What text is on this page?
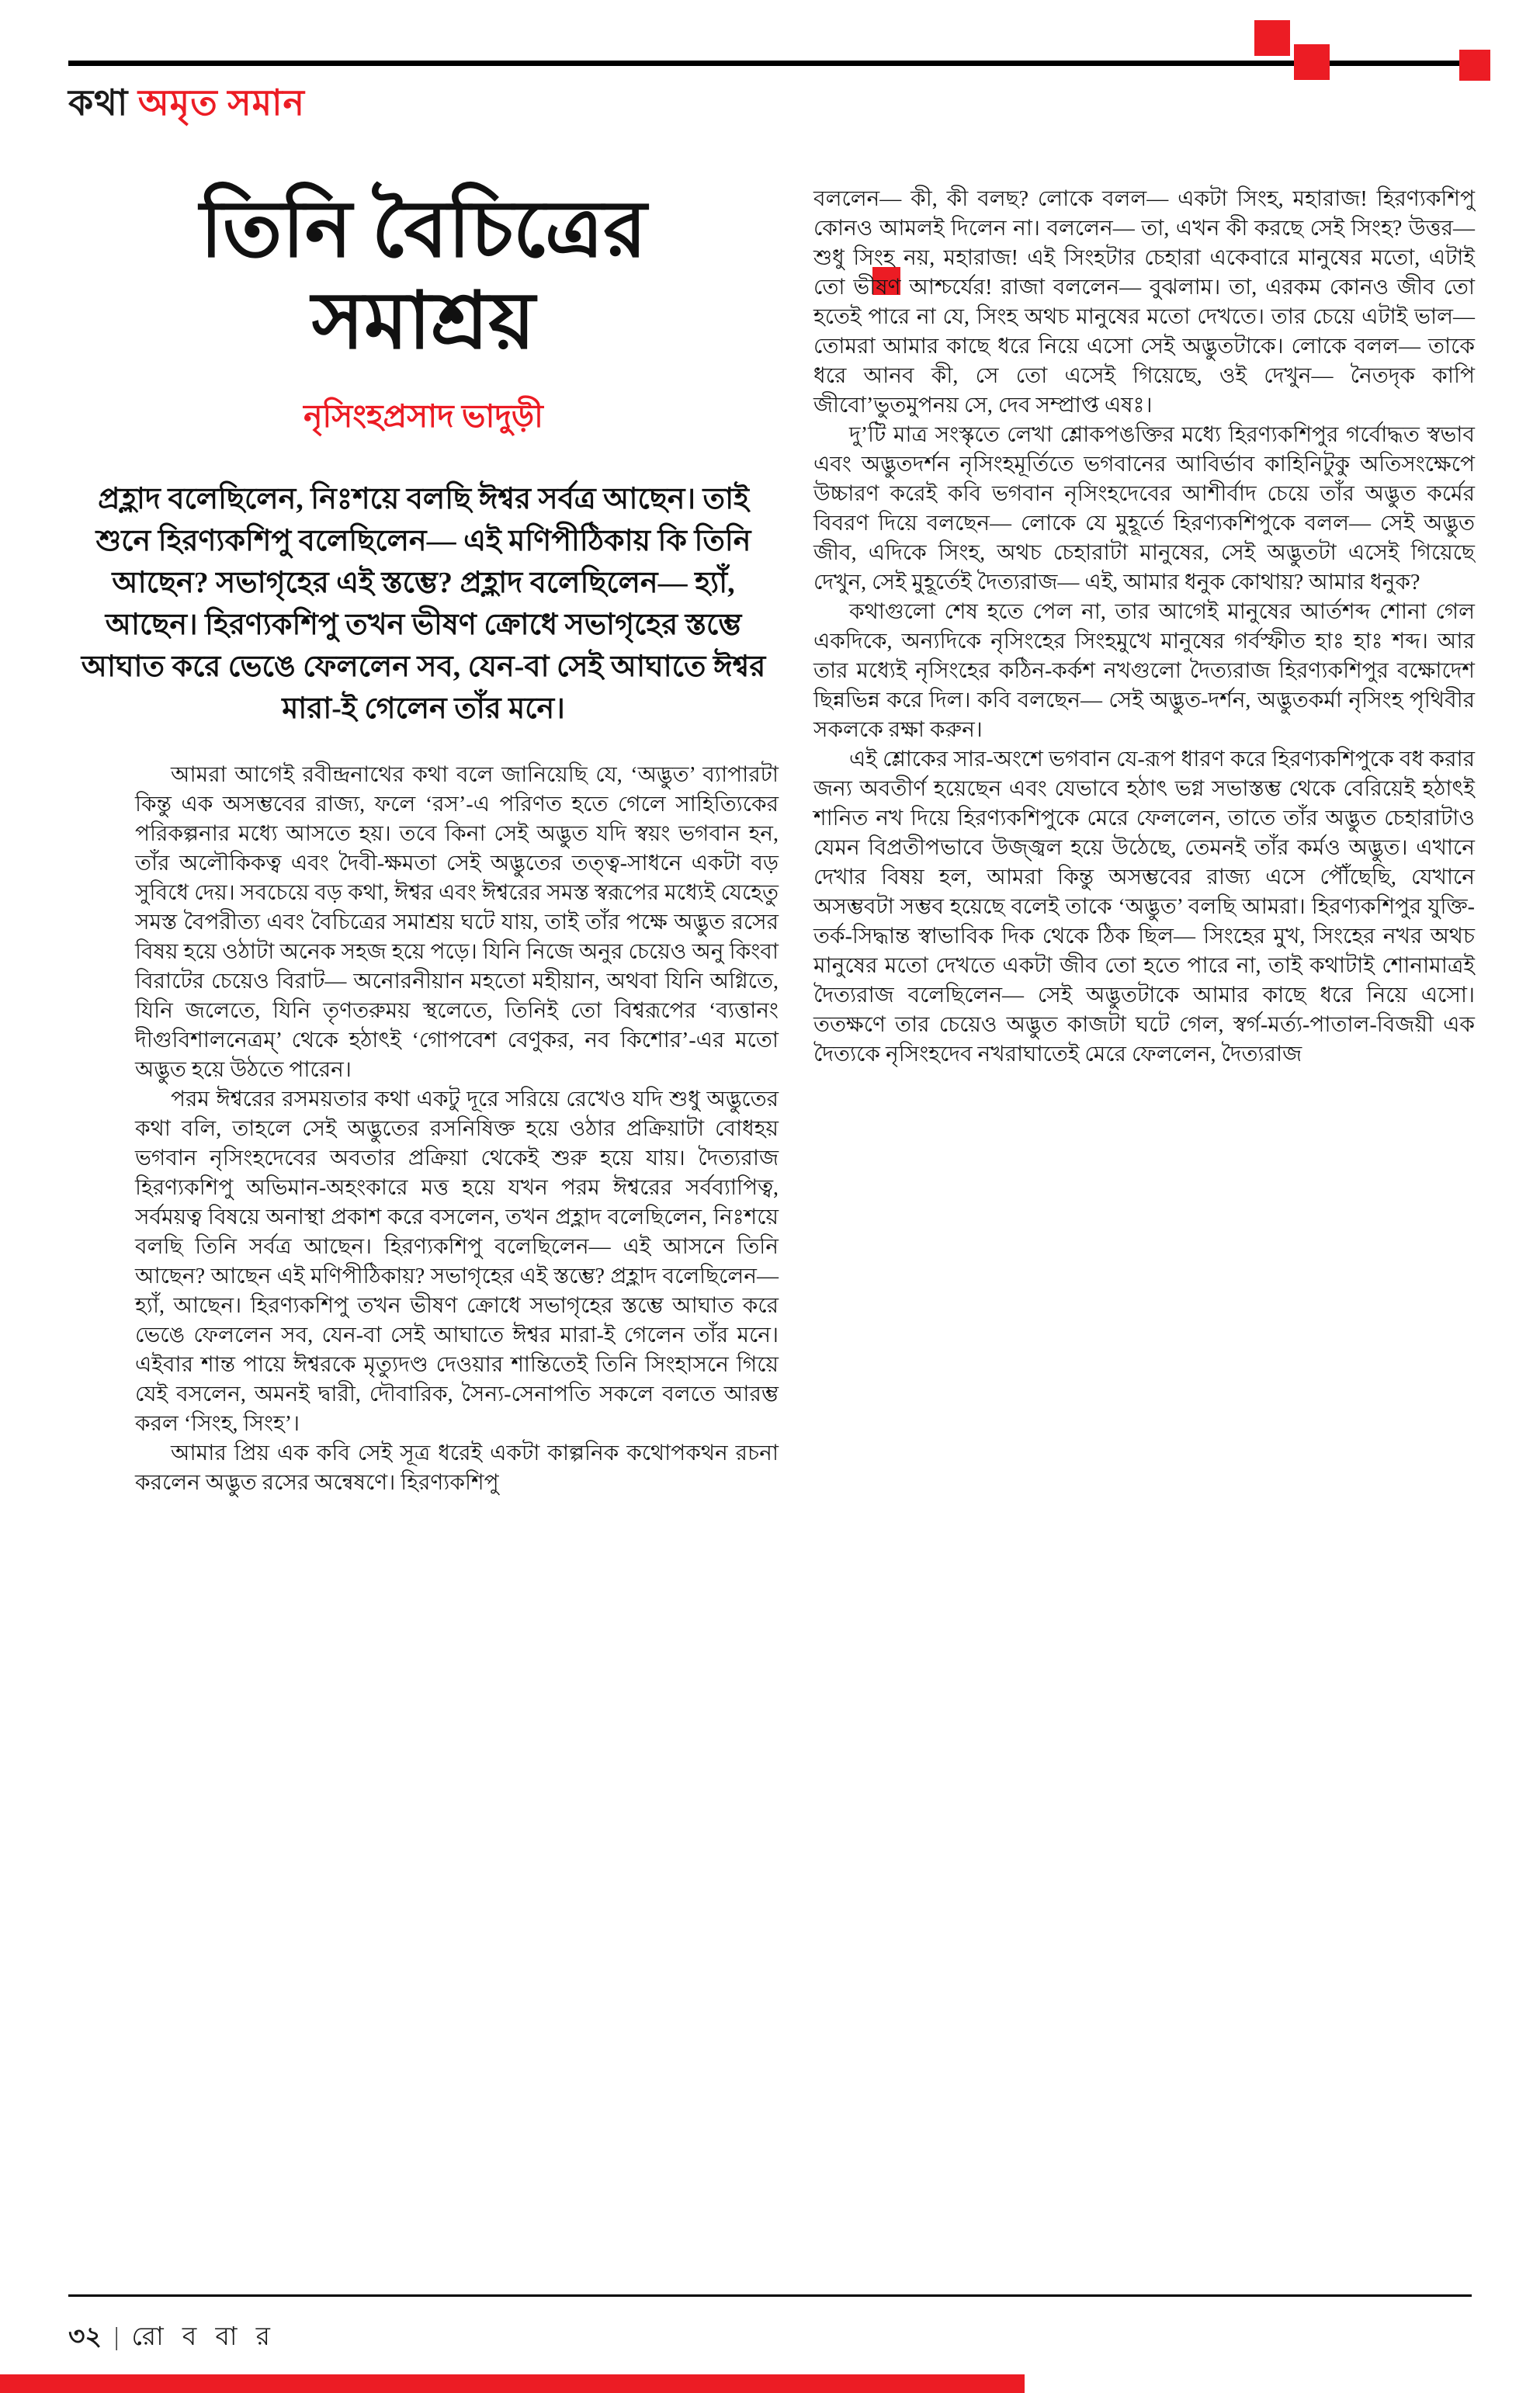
কথা অমৃত সমান
তিনি বৈচিত্রের
সমাশ্রয়
নৃসিংহপ্রসাদ ভাদুড়ী
প্রহ্লাদ বলেছিলেন, নিঃশয়ে বলছি ঈশ্বর সর্বত্র আছেন। তাই শুনে হিরণ্যকশিপু বলেছিলেন— এই মণিপীঠিকায় কি তিনি আছেন? সভাগৃহের এই স্তম্ভে? প্রহ্লাদ বলেছিলেন— হ্যাঁ, আছেন। হিরণ্যকশিপু তখন ভীষণ ক্রোধে সভাগৃহের স্তম্ভে আঘাত করে ভেঙে ফেললেন সব, যেন-বা সেই আঘাতে ঈশ্বর মারা-ই গেলেন তাঁর মনে।

আমরা আগেই রবীন্দ্রনাথের কথা বলে জানিয়েছি যে, ‘অদ্ভুত’ ব্যাপারটা কিন্তু এক অসম্ভবের রাজ্য, ফলে ‘রস’-এ পরিণত হতে গেলে সাহিত্যিকের পরিকল্পনার মধ্যে আসতে হয়। তবে কিনা সেই অদ্ভুত যদি স্বয়ং ভগবান হন, তাঁর অলৌকিকত্ব এবং দৈবী-ক্ষমতা সেই অদ্ভুতের তত্ত্ব-সাধনে একটা বড় সুবিধে দেয়। সবচেয়ে বড় কথা, ঈশ্বর এবং ঈশ্বরের সমস্ত স্বরূপের মধ্যেই যেহেতু সমস্ত বৈপরীত্য এবং বৈচিত্রের সমাশ্রয় ঘটে যায়, তাই তাঁর পক্ষে অদ্ভুত রসের বিষয় হয়ে ওঠাটা অনেক সহজ হয়ে পড়ে। যিনি নিজে অনুর চেয়েও অনু কিংবা বিরাটের চেয়েও বিরাট— অনোরনীয়ান মহতো মহীয়ান, অথবা যিনি অগ্নিতে, যিনি জলেতে, যিনি তৃণতরুময় স্থলেতে, তিনিই তো বিশ্বরূপের ‘ব্যত্তানং দীগুবিশালনেত্রম্‌’ থেকে হঠাৎই ‘গোপবেশ বেণুকর, নব কিশোর’-এর মতো অদ্ভুত হয়ে উঠতে পারেন।

পরম ঈশ্বরের রসময়তার কথা একটু দূরে সরিয়ে রেখেও যদি শুধু অদ্ভুতের কথা বলি, তাহলে সেই অদ্ভুতের রসনিষিক্ত হয়ে ওঠার প্রক্রিয়াটা বোধহয় ভগবান নৃসিংহদেবের অবতার প্রক্রিয়া থেকেই শুরু হয়ে যায়। দৈত্যরাজ হিরণ্যকশিপু অভিমান-অহংকারে মত্ত হয়ে যখন পরম ঈশ্বরের সর্বব্যাপিত্ব, সর্বময়ত্ব বিষয়ে অনাস্থা প্রকাশ করে বসলেন, তখন প্রহ্লাদ বলেছিলেন, নিঃশয়ে বলছি তিনি সর্বত্র আছেন। হিরণ্যকশিপু বলেছিলেন— এই আসনে তিনি আছেন? আছেন এই মণিপীঠিকায়? সভাগৃহের এই স্তম্ভে? প্রহ্লাদ বলেছিলেন— হ্যাঁ, আছেন। হিরণ্যকশিপু তখন ভীষণ ক্রোধে সভাগৃহের স্তম্ভে আঘাত করে ভেঙে ফেললেন সব, যেন-বা সেই আঘাতে ঈশ্বর মারা-ই গেলেন তাঁর মনে। এইবার শান্ত পায়ে ঈশ্বরকে মৃত্যুদণ্ড দেওয়ার শান্তিতেই তিনি সিংহাসনে গিয়ে যেই বসলেন, অমনই দ্বারী, দৌবারিক, সৈন্য-সেনাপতি সকলে বলতে আরম্ভ করল ‘সিংহ, সিংহ’।

আমার প্রিয় এক কবি সেই সূত্র ধরেই একটা কাল্পনিক কথোপকথন রচনা করলেন অদ্ভুত রসের অন্বেষণে। হিরণ্যকশিপু

বললেন— কী, কী বলছ? লোকে বলল— একটা সিংহ, মহারাজ! হিরণ্যকশিপু কোনও আমলই দিলেন না। বললেন— তা, এখন কী করছে সেই সিংহ? উত্তর— শুধু সিংহ নয়, মহারাজ! এই সিংহটার চেহারা একেবারে মানুষের মতো, এটাই তো ভীষণ আশ্চর্যের! রাজা বললেন— বুঝলাম। তা, এরকম কোনও জীব তো হতেই পারে না যে, সিংহ অথচ মানুষের মতো দেখতে। তার চেয়ে এটাই ভাল— তোমরা আমার কাছে ধরে নিয়ে এসো সেই অদ্ভুতটাকে। লোকে বলল— তাকে ধরে আনব কী, সে তো এসেই গিয়েছে, ওই দেখুন— নৈতদৃক কাপি জীবো’ভুতমুপনয় সে, দেব সম্প্রাপ্ত এষঃ।

দু’টি মাত্র সংস্কৃতে লেখা শ্লোকপঙক্তির মধ্যে হিরণ্যকশিপুর গর্বোদ্ধত স্বভাব এবং অদ্ভুতদর্শন নৃসিংহমূর্তিতে ভগবানের আবির্ভাব কাহিনিটুকু অতিসংক্ষেপে উচ্চারণ করেই কবি ভগবান নৃসিংহদেবের আশীর্বাদ চেয়ে তাঁর অদ্ভুত কর্মের বিবরণ দিয়ে বলছেন— লোকে যে মুহূর্তে হিরণ্যকশিপুকে বলল— সেই অদ্ভুত জীব, এদিকে সিংহ, অথচ চেহারাটা মানুষের, সেই অদ্ভুতটা এসেই গিয়েছে দেখুন, সেই মুহূর্তেই দৈত্যরাজ— এই, আমার ধনুক কোথায়? আমার ধনুক?

কথাগুলো শেষ হতে পেল না, তার আগেই মানুষের আর্তশব্দ শোনা গেল একদিকে, অন্যদিকে নৃসিংহের সিংহমুখে মানুষের গর্বস্ফীত হাঃ হাঃ শব্দ। আর তার মধ্যেই নৃসিংহের কঠিন-কর্কশ নখগুলো দৈত্যরাজ হিরণ্যকশিপুর বক্ষোদেশ ছিন্নভিন্ন করে দিল। কবি বলছেন— সেই অদ্ভুত-দর্শন, অদ্ভুতকর্মা নৃসিংহ পৃথিবীর সকলকে রক্ষা করুন।

এই শ্লোকের সার-অংশে ভগবান যে-রূপ ধারণ করে হিরণ্যকশিপুকে বধ করার জন্য অবতীর্ণ হয়েছেন এবং যেভাবে হঠাৎ ভগ্ন সভাস্তম্ভ থেকে বেরিয়েই হঠাৎই শানিত নখ দিয়ে হিরণ্যকশিপুকে মেরে ফেললেন, তাতে তাঁর অদ্ভুত চেহারাটাও যেমন বিপ্রতীপভাবে উজ্জ্বল হয়ে উঠেছে, তেমনই তাঁর কর্মও অদ্ভুত। এখানে দেখার বিষয় হল, আমরা কিন্তু অসম্ভবের রাজ্য এসে পৌঁছেছি, যেখানে অসম্ভবটা সম্ভব হয়েছে বলেই তাকে ‘অদ্ভুত’ বলছি আমরা। হিরণ্যকশিপুর যুক্তি-তর্ক-সিদ্ধান্ত স্বাভাবিক দিক থেকে ঠিক ছিল— সিংহের মুখ, সিংহের নখর অথচ মানুষের মতো দেখতে একটা জীব তো হতে পারে না, তাই কথাটাই শোনামাত্রই দৈত্যরাজ বলেছিলেন— সেই অদ্ভুতটাকে আমার কাছে ধরে নিয়ে এসো। ততক্ষণে তার চেয়েও অদ্ভুত কাজটা ঘটে গেল, স্বর্গ-মর্ত্য-পাতাল-বিজয়ী এক দৈত্যকে নৃসিংহদেব নখরাঘাতেই মেরে ফেললেন, দৈত্যরাজ

৩২ | রো ব বা র
